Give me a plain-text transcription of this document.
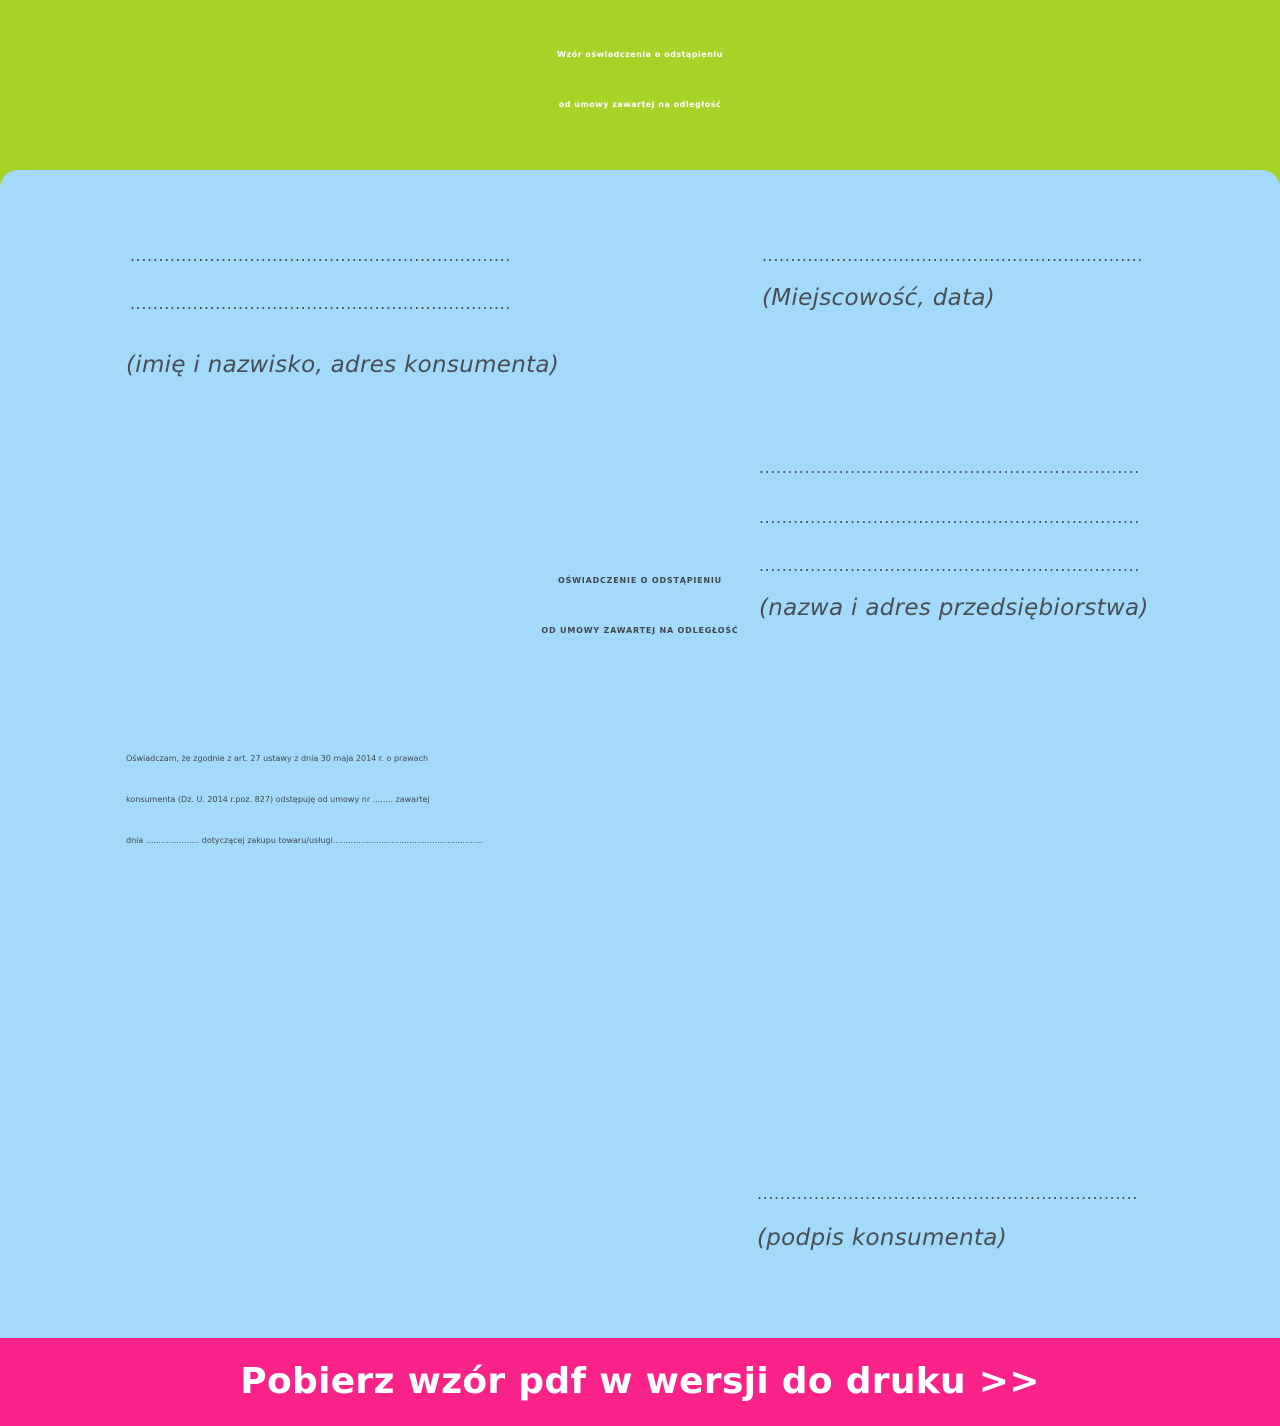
Wzór oświadczenia o odstąpieniu
od umowy zawartej na odległość
...................................................................
...................................................................
(imię i nazwisko, adres konsumenta)
...................................................................
(Miejscowość, data)
...................................................................
...................................................................
...................................................................
(nazwa i adres przedsiębiorstwa)
...................................................................
(podpis konsumenta)
OŚWIADCZENIE O ODSTĄPIENIU
OD UMOWY ZAWARTEJ NA ODLEGŁOŚĆ
Oświadczam, że zgodnie z art. 27 ustawy z dnia 30 maja 2014 r. o prawach
konsumenta (Dz. U. 2014 r.poz. 827) odstępuję od umowy nr ........ zawartej
dnia ..................... dotyczącej zakupu towaru/usługi...........................................................
Pobierz wzór pdf w wersji do druku >>
